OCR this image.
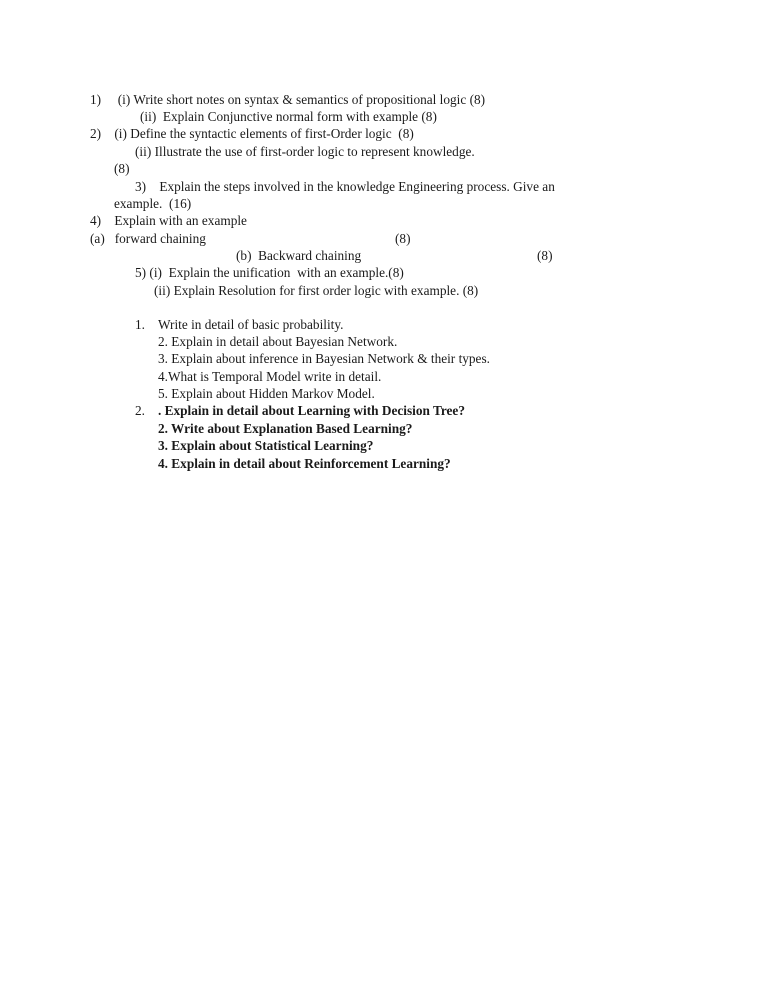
1)     (i) Write short notes on syntax & semantics of propositional logic (8)
(ii)  Explain Conjunctive normal form with example (8)
2)    (i) Define the syntactic elements of first-Order logic  (8)
(ii) Illustrate the use of first-order logic to represent knowledge.
(8)
3)    Explain the steps involved in the knowledge Engineering process. Give an
example.  (16)
4)    Explain with an example
(a)   forward chaining	(8)
(b)  Backward chaining	(8)
5) (i)  Explain the unification  with an example.(8)
(ii) Explain Resolution for first order logic with example. (8)
1.    Write in detail of basic probability.
2. Explain in detail about Bayesian Network.
3. Explain about inference in Bayesian Network & their types.
4.What is Temporal Model write in detail.
5. Explain about Hidden Markov Model.
2. . Explain in detail about Learning with Decision Tree?
2. Write about Explanation Based Learning?
3. Explain about Statistical Learning?
4. Explain in detail about Reinforcement Learning?
